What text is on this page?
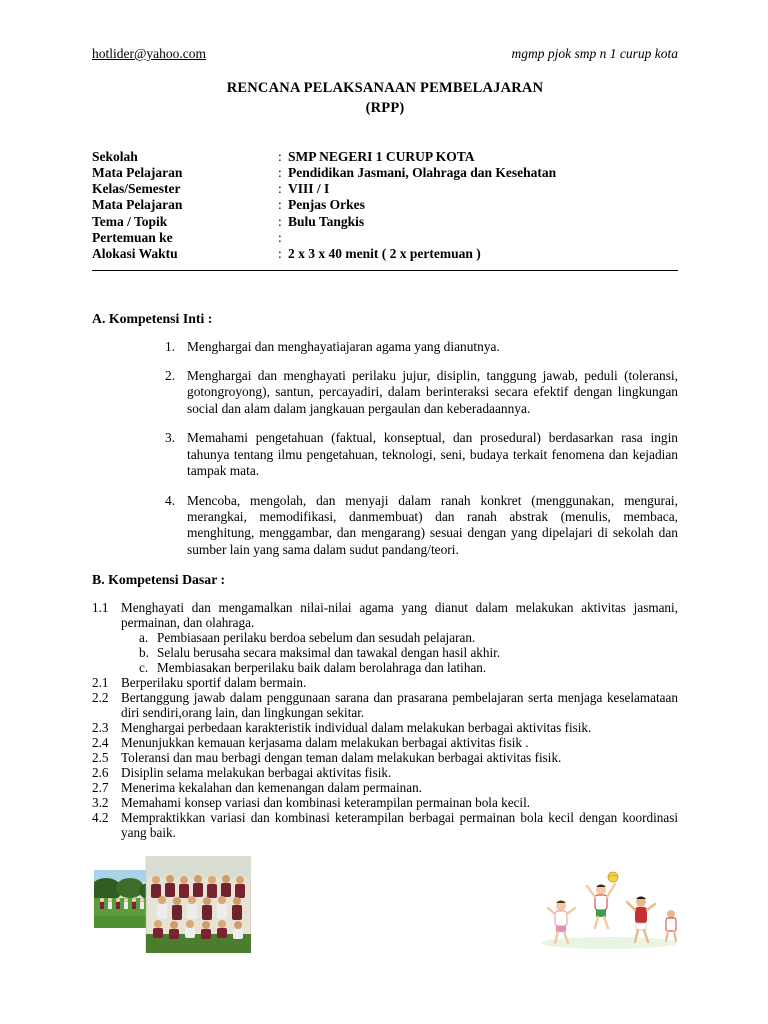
hotlider@yahoo.com	mgmp pjok smp n 1 curup kota
RENCANA PELAKSANAAN PEMBELAJARAN
(RPP)
Sekolah	: SMP NEGERI 1 CURUP KOTA
Mata Pelajaran	: Pendidikan Jasmani, Olahraga dan Kesehatan
Kelas/Semester	: VIII / I
Mata Pelajaran	: Penjas Orkes
Tema / Topik	: Bulu Tangkis
Pertemuan ke	:
Alokasi Waktu	: 2 x 3 x 40 menit ( 2 x pertemuan )
A. Kompetensi Inti :
1. Menghargai dan menghayatiajaran agama yang dianutnya.
2. Menghargai dan menghayati perilaku jujur, disiplin, tanggung jawab, peduli (toleransi, gotongroyong), santun, percayadiri, dalam berinteraksi secara efektif dengan lingkungan social dan alam dalam jangkauan pergaulan dan keberadaannya.
3. Memahami pengetahuan (faktual, konseptual, dan prosedural) berdasarkan rasa ingin tahunya tentang ilmu pengetahuan, teknologi, seni, budaya terkait fenomena dan kejadian tampak mata.
4. Mencoba, mengolah, dan menyaji dalam ranah konkret (menggunakan, mengurai, merangkai, memodifikasi, danmembuat) dan ranah abstrak (menulis, membaca, menghitung, menggambar, dan mengarang) sesuai dengan yang dipelajari di sekolah dan sumber lain yang sama dalam sudut pandang/teori.
B. Kompetensi Dasar :
1.1 Menghayati dan mengamalkan nilai-nilai agama yang dianut dalam melakukan aktivitas jasmani, permainan, dan olahraga.
a. Pembiasaan perilaku berdoa sebelum dan sesudah pelajaran.
b. Selalu berusaha secara maksimal dan tawakal dengan hasil akhir.
c. Membiasakan berperilaku baik dalam berolahraga dan latihan.
2.1 Berperilaku sportif dalam bermain.
2.2 Bertanggung jawab dalam penggunaan sarana dan prasarana pembelajaran serta menjaga keselamataan diri sendiri,orang lain, dan lingkungan sekitar.
2.3 Menghargai perbedaan karakteristik individual dalam melakukan berbagai aktivitas fisik.
2.4 Menunjukkan kemauan kerjasama dalam melakukan berbagai aktivitas fisik .
2.5 Toleransi dan mau berbagi dengan teman dalam melakukan berbagai aktivitas fisik.
2.6 Disiplin selama melakukan berbagai aktivitas fisik.
2.7 Menerima kekalahan dan kemenangan dalam permainan.
3.2 Memahami konsep variasi dan kombinasi keterampilan permainan bola kecil.
4.2 Mempraktikkan variasi dan kombinasi keterampilan berbagai permainan bola kecil dengan koordinasi yang baik.
